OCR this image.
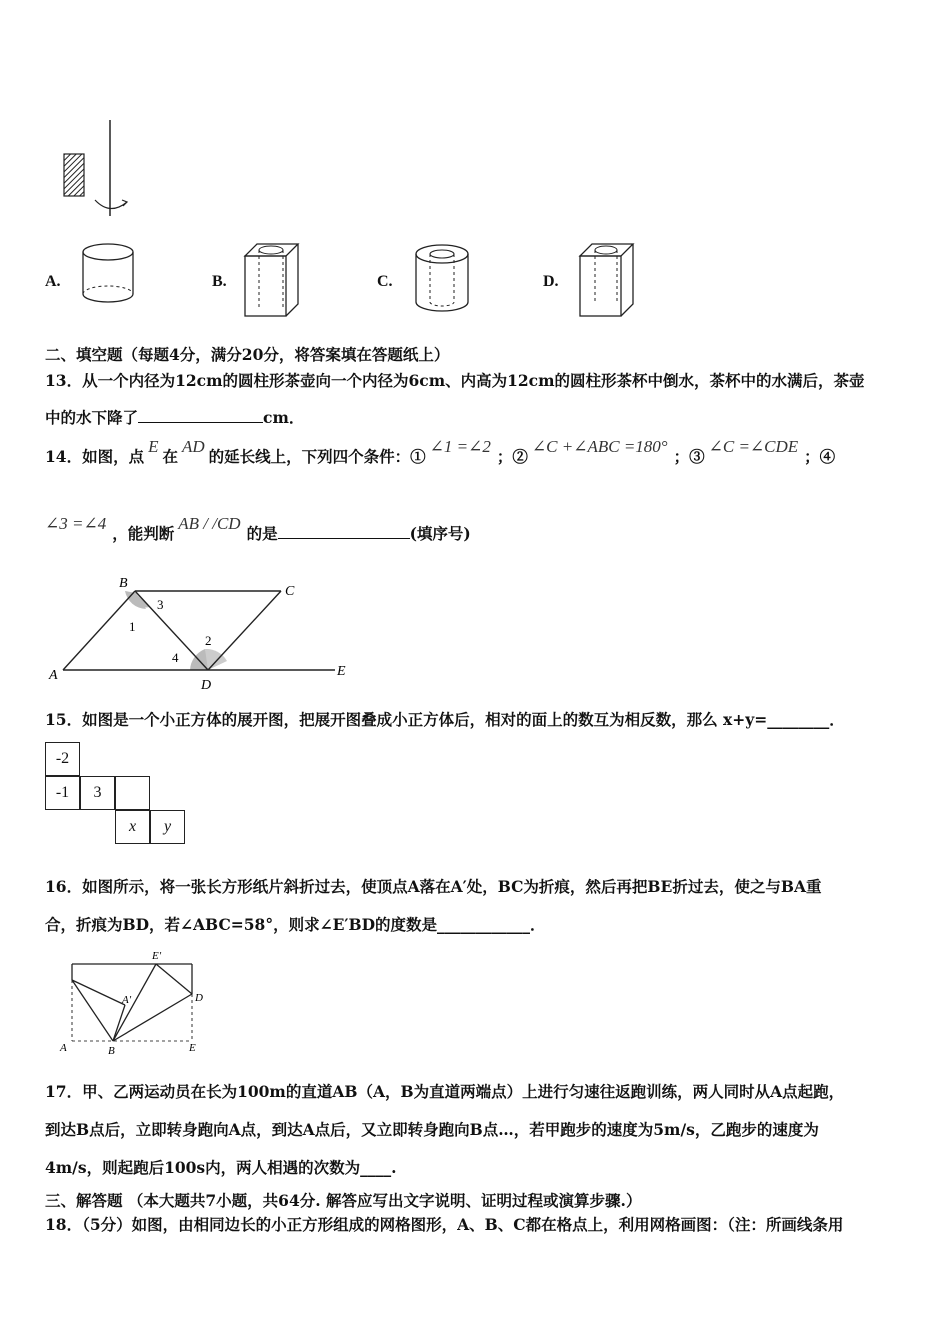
A.	B.	C.	D.
二、填空题（每题4分，满分20分，将答案填在答题纸上）
13．从一个内径为12cm的圆柱形茶壶向一个内径为6cm、内高为12cm的圆柱形茶杯中倒水，茶杯中的水满后，茶壶
中的水下降了	cm．
14．如图，点E在AD的延长线上，下列四个条件：①∠1 =∠2；②∠C +∠ABC =180°；③∠C =∠CDE；④
∠3 =∠4，能判断AB / /CD的是	(填序号)
B
C
A
D
E
1
3
2
4
15．如图是一个小正方体的展开图，把展开图叠成小正方体后，相对的面上的数互为相反数，那么 x+y=________．
-2
-1	3
x	y
16．如图所示，将一张长方形纸片斜折过去，使顶点A落在A′处，BC为折痕，然后再把BE折过去，使之与BA重
合，折痕为BD，若∠ABC=58°，则求∠E′BD的度数是____________．
E′
A′	D
A	B	E
17．甲、乙两运动员在长为100m的直道AB（A，B为直道两端点）上进行匀速往返跑训练，两人同时从A点起跑，
到达B点后，立即转身跑向A点，到达A点后，又立即转身跑向B点…，若甲跑步的速度为5m/s，乙跑步的速度为
4m/s，则起跑后100s内，两人相遇的次数为____.
三、解答题 （本大题共7小题，共64分. 解答应写出文字说明、证明过程或演算步骤.）
18．（5分）如图，由相同边长的小正方形组成的网格图形，A、B、C都在格点上，利用网格画图：（注：所画线条用
